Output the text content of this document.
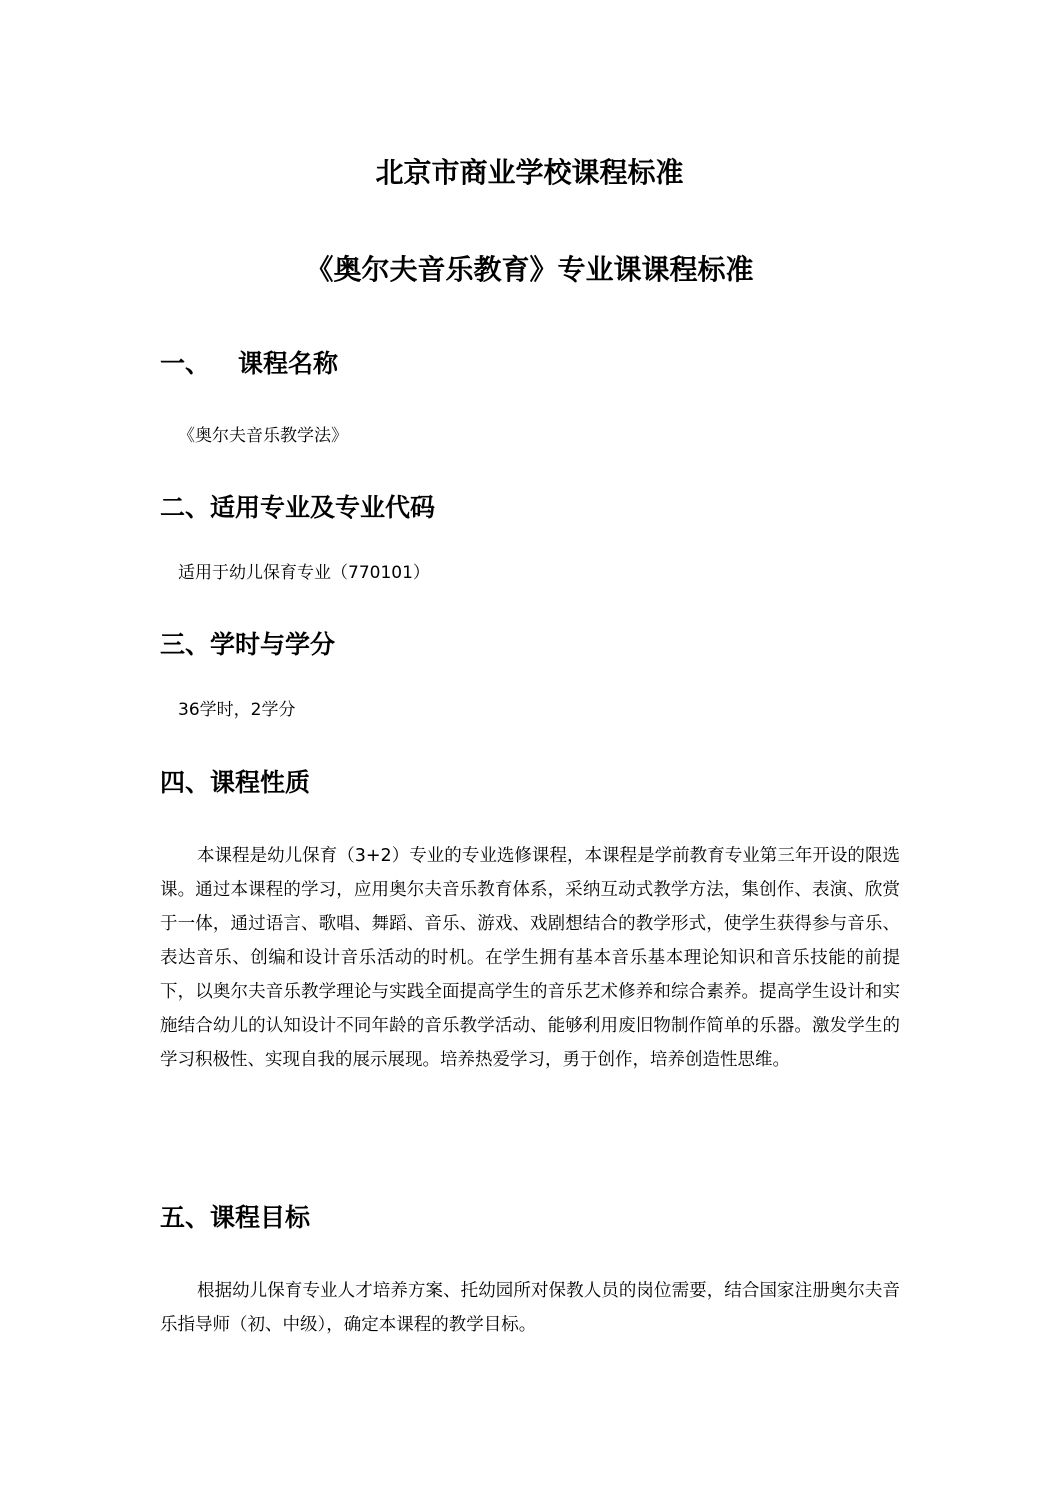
北京市商业学校课程标准
《奥尔夫音乐教育》专业课课程标准
一、 课程名称
《奥尔夫音乐教学法》
二、适用专业及专业代码
适用于幼儿保育专业（770101）
三、学时与学分
36学时，2学分
四、课程性质
本课程是幼儿保育（3+2）专业的专业选修课程，本课程是学前教育专业第三年开设的限选课。通过本课程的学习，应用奥尔夫音乐教育体系，采纳互动式教学方法，集创作、表演、欣赏于一体，通过语言、歌唱、舞蹈、音乐、游戏、戏剧想结合的教学形式，使学生获得参与音乐、表达音乐、创编和设计音乐活动的时机。在学生拥有基本音乐基本理论知识和音乐技能的前提下，以奥尔夫音乐教学理论与实践全面提高学生的音乐艺术修养和综合素养。提高学生设计和实施结合幼儿的认知设计不同年龄的音乐教学活动、能够利用废旧物制作简单的乐器。激发学生的学习积极性、实现自我的展示展现。培养热爱学习，勇于创作，培养创造性思维。
五、课程目标
根据幼儿保育专业人才培养方案、托幼园所对保教人员的岗位需要，结合国家注册奥尔夫音乐指导师（初、中级），确定本课程的教学目标。
